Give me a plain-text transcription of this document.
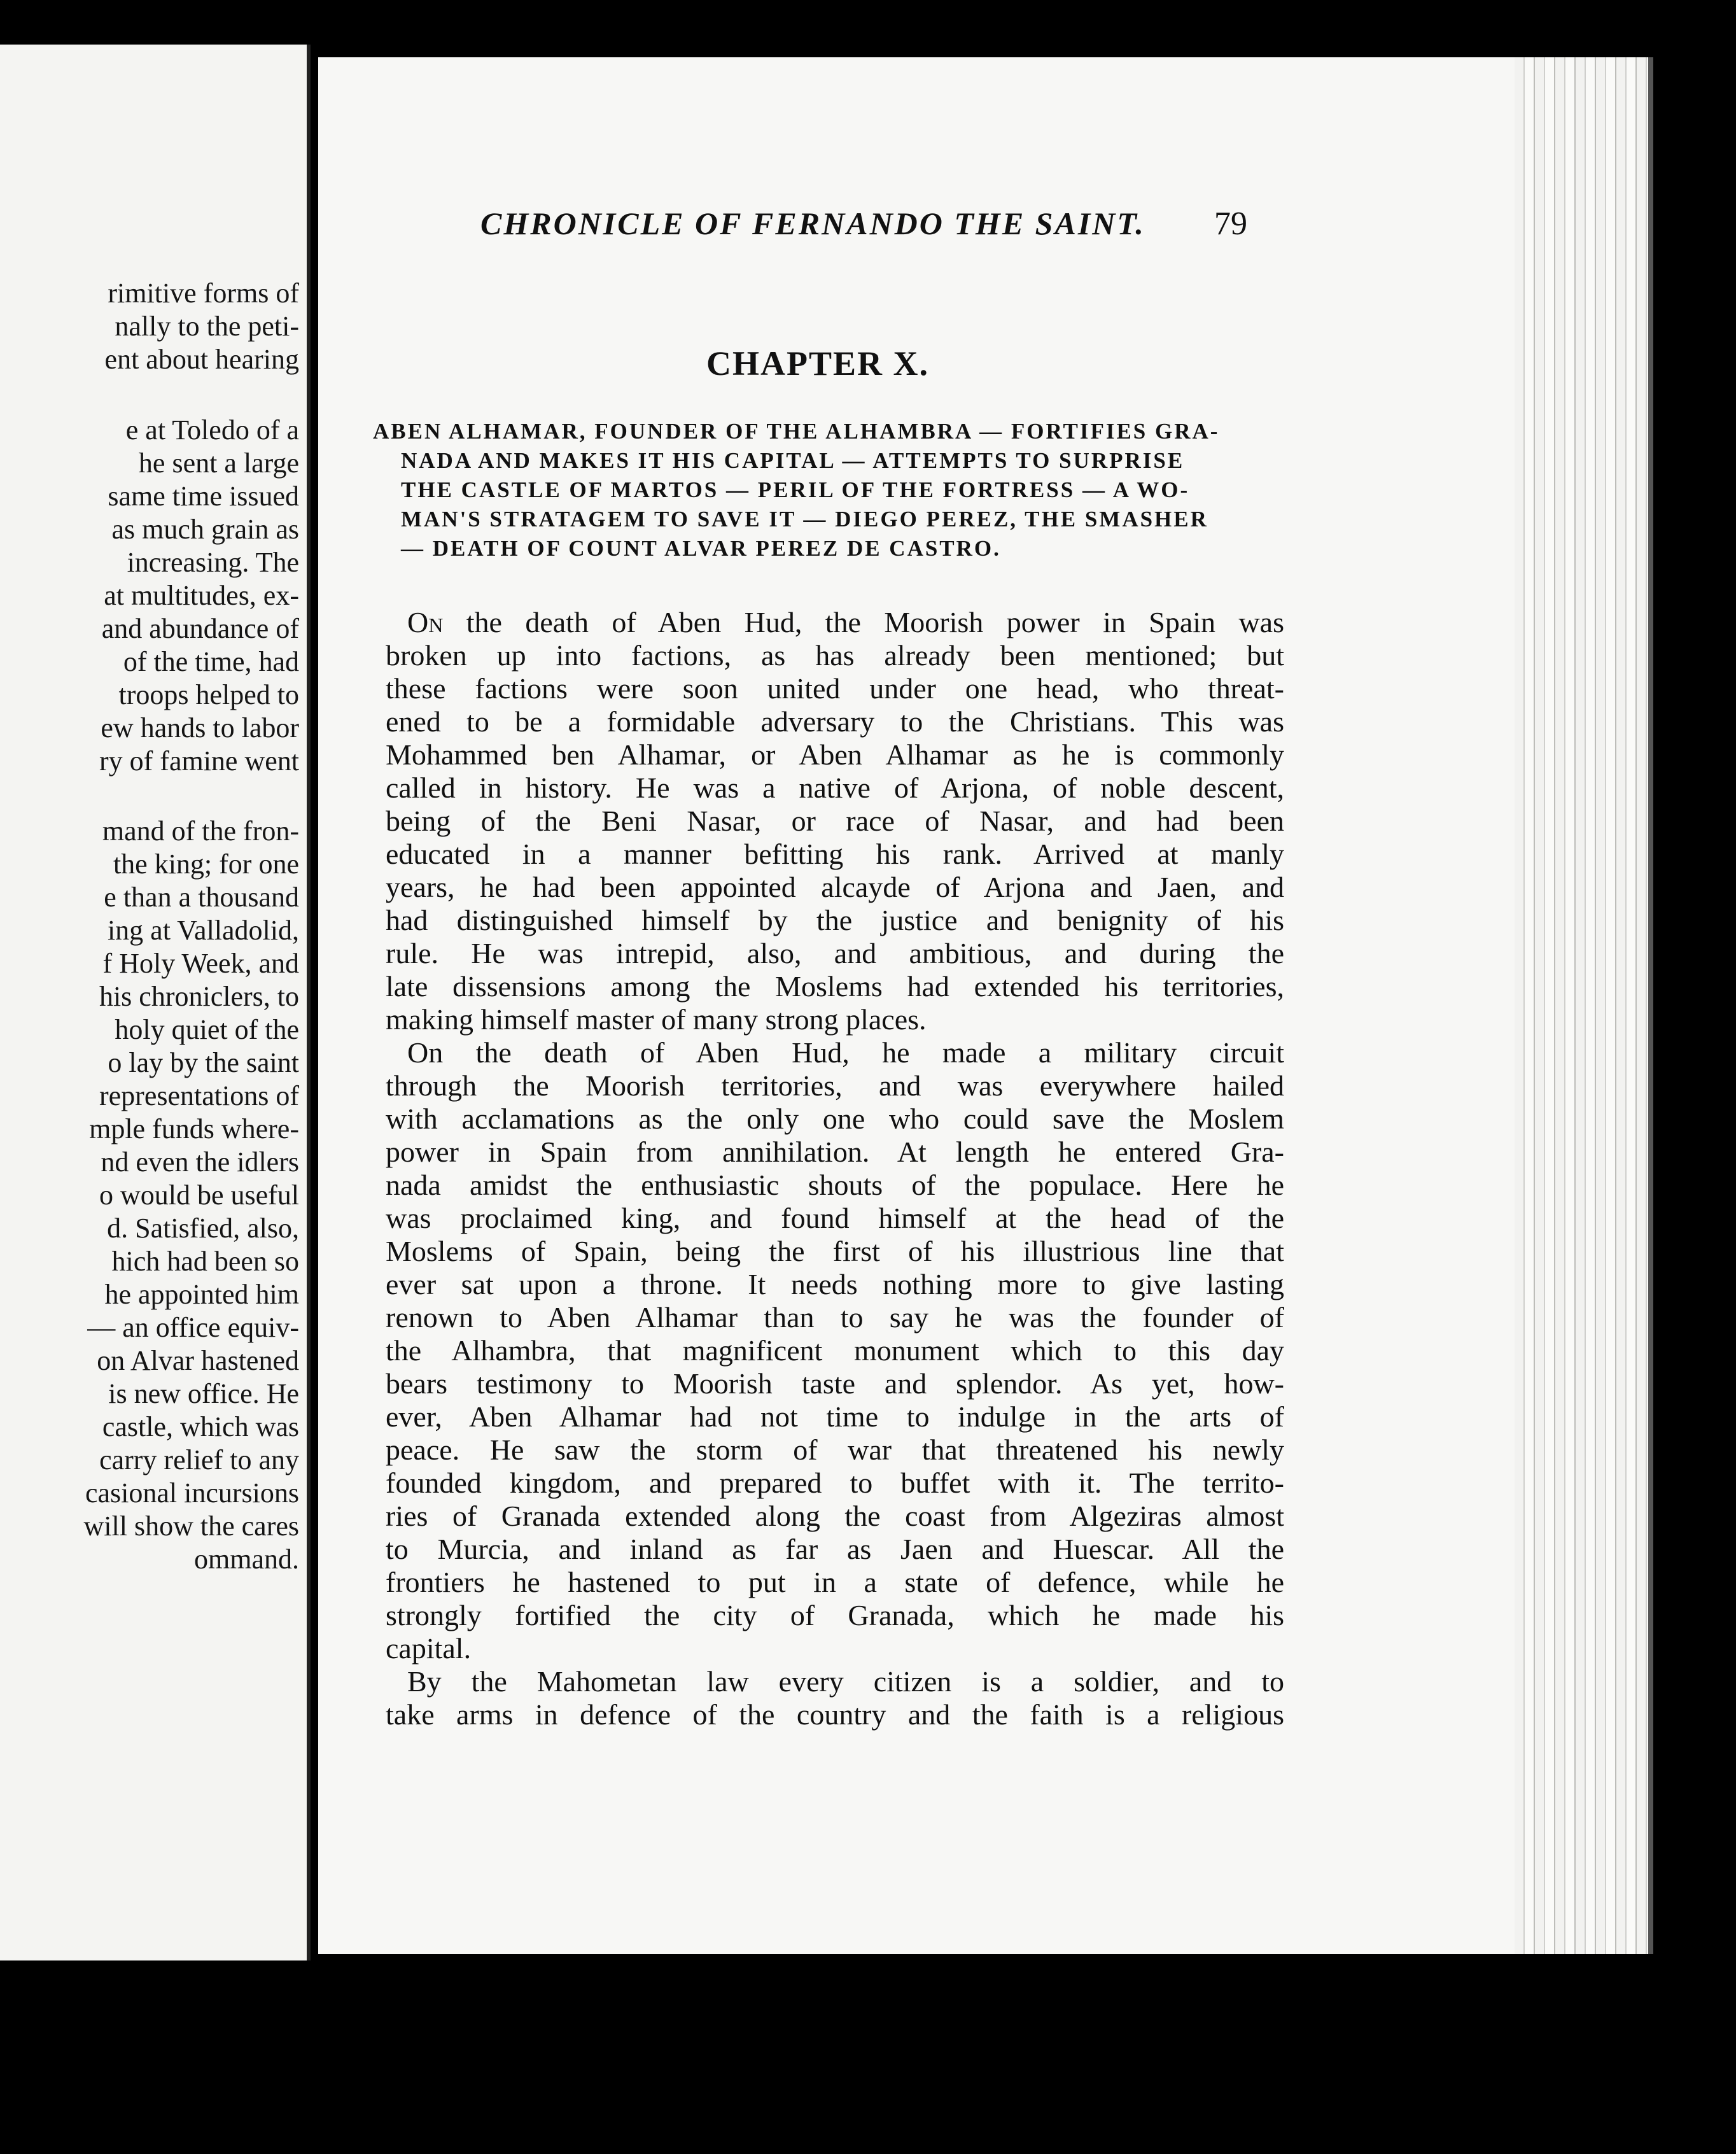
rimitive forms of
nally to the peti-
ent about hearing
e at Toledo of a
he sent a large
same time issued
as much grain as
increasing. The
at multitudes, ex-
and abundance of
of the time, had
troops helped to
ew hands to labor
ry of famine went
mand of the fron-
the king; for one
e than a thousand
ing at Valladolid,
f Holy Week, and
his chroniclers, to
holy quiet of the
o lay by the saint
representations of
mple funds where-
nd even the idlers
o would be useful
d. Satisfied, also,
hich had been so
he appointed him
— an office equiv-
on Alvar hastened
is new office. He
castle, which was
carry relief to any
casional incursions
will show the cares
ommand.
CHRONICLE OF FERNANDO THE SAINT.	79
CHAPTER X.
ABEN ALHAMAR, FOUNDER OF THE ALHAMBRA — FORTIFIES GRA-
NADA AND MAKES IT HIS CAPITAL — ATTEMPTS TO SURPRISE
THE CASTLE OF MARTOS — PERIL OF THE FORTRESS — A WO-
MAN'S STRATAGEM TO SAVE IT — DIEGO PEREZ, THE SMASHER
— DEATH OF COUNT ALVAR PEREZ DE CASTRO.
On the death of Aben Hud, the Moorish power in Spain was
broken up into factions, as has already been mentioned; but
these factions were soon united under one head, who threat-
ened to be a formidable adversary to the Christians. This was
Mohammed ben Alhamar, or Aben Alhamar as he is commonly
called in history. He was a native of Arjona, of noble descent,
being of the Beni Nasar, or race of Nasar, and had been
educated in a manner befitting his rank. Arrived at manly
years, he had been appointed alcayde of Arjona and Jaen, and
had distinguished himself by the justice and benignity of his
rule. He was intrepid, also, and ambitious, and during the
late dissensions among the Moslems had extended his territories,
making himself master of many strong places.
On the death of Aben Hud, he made a military circuit
through the Moorish territories, and was everywhere hailed
with acclamations as the only one who could save the Moslem
power in Spain from annihilation. At length he entered Gra-
nada amidst the enthusiastic shouts of the populace. Here he
was proclaimed king, and found himself at the head of the
Moslems of Spain, being the first of his illustrious line that
ever sat upon a throne. It needs nothing more to give lasting
renown to Aben Alhamar than to say he was the founder of
the Alhambra, that magnificent monument which to this day
bears testimony to Moorish taste and splendor. As yet, how-
ever, Aben Alhamar had not time to indulge in the arts of
peace. He saw the storm of war that threatened his newly
founded kingdom, and prepared to buffet with it. The territo-
ries of Granada extended along the coast from Algeziras almost
to Murcia, and inland as far as Jaen and Huescar. All the
frontiers he hastened to put in a state of defence, while he
strongly fortified the city of Granada, which he made his
capital.
By the Mahometan law every citizen is a soldier, and to
take arms in defence of the country and the faith is a religious
